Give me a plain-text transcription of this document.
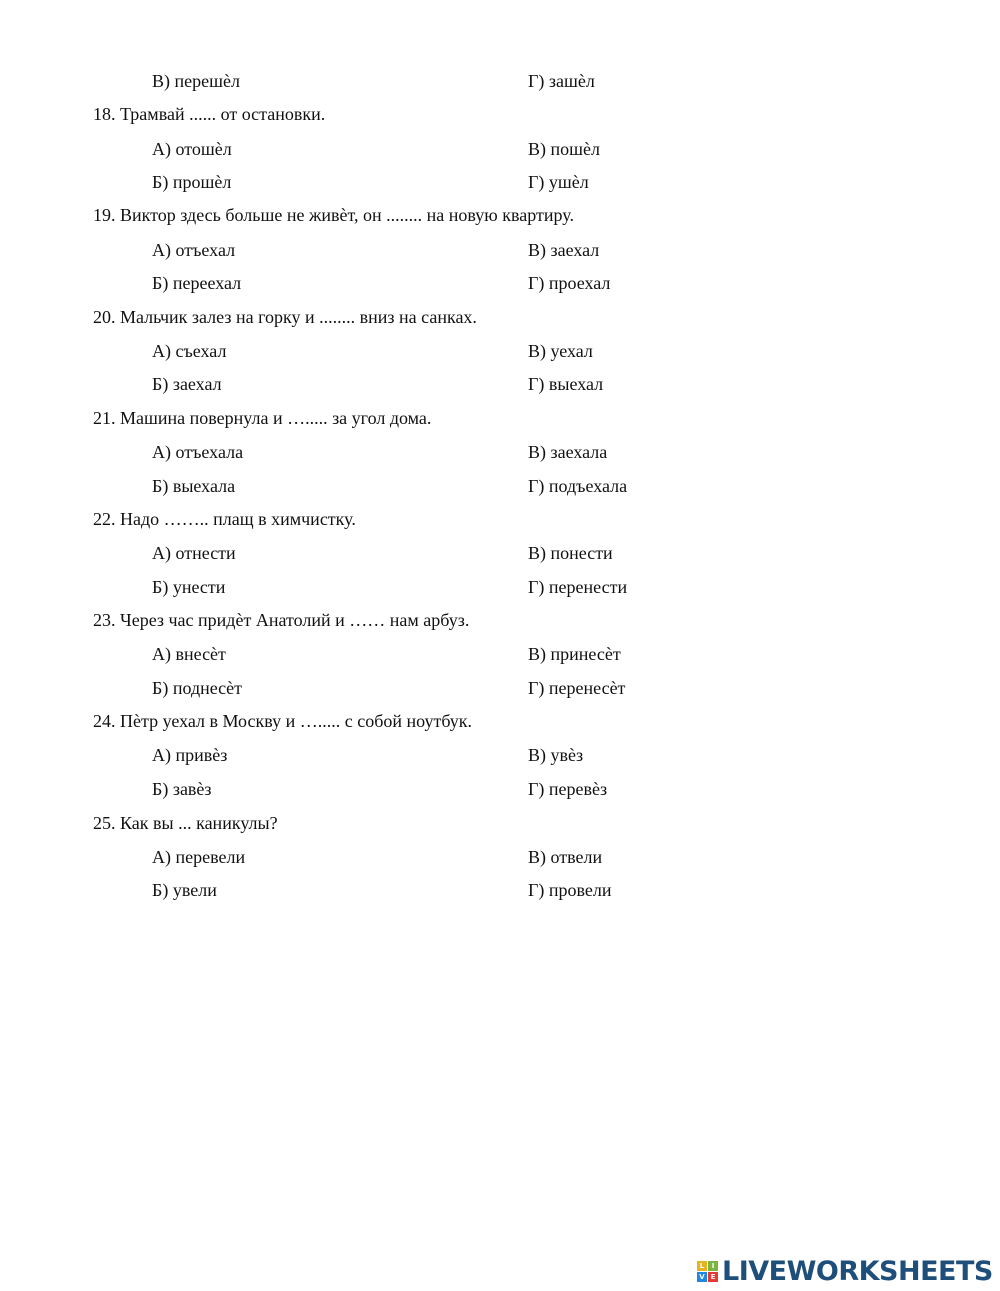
В) перешѐл	Г) зашѐл
18. Трамвай ...... от остановки.
А) отошѐл	В) пошѐл
Б) прошѐл	Г) ушѐл
19. Виктор здесь больше не живѐт, он ........ на новую квартиру.
А) отъехал	В) заехал
Б) переехал	Г) проехал
20. Мальчик залез на горку и ........ вниз на санках.
А) съехал	В) уехал
Б) заехал	Г) выехал
21. Машина повернула и …..... за угол дома.
А) отъехала	В) заехала
Б) выехала	Г) подъехала
22. Надо …….. плащ в химчистку.
А) отнести	В) понести
Б) унести	Г) перенести
23. Через час придѐт Анатолий и …… нам арбуз.
А) внесѐт	В) принесѐт
Б) поднесѐт	Г) перенесѐт
24. Пѐтр уехал в Москву и …..... с собой ноутбук.
А) привѐз	В) увѐз
Б) завѐз	Г) перевѐз
25. Как вы ... каникулы?
А) перевели	В) отвели
Б) увели	Г) провели
L	I
V E LIVEWORKSHEETS
